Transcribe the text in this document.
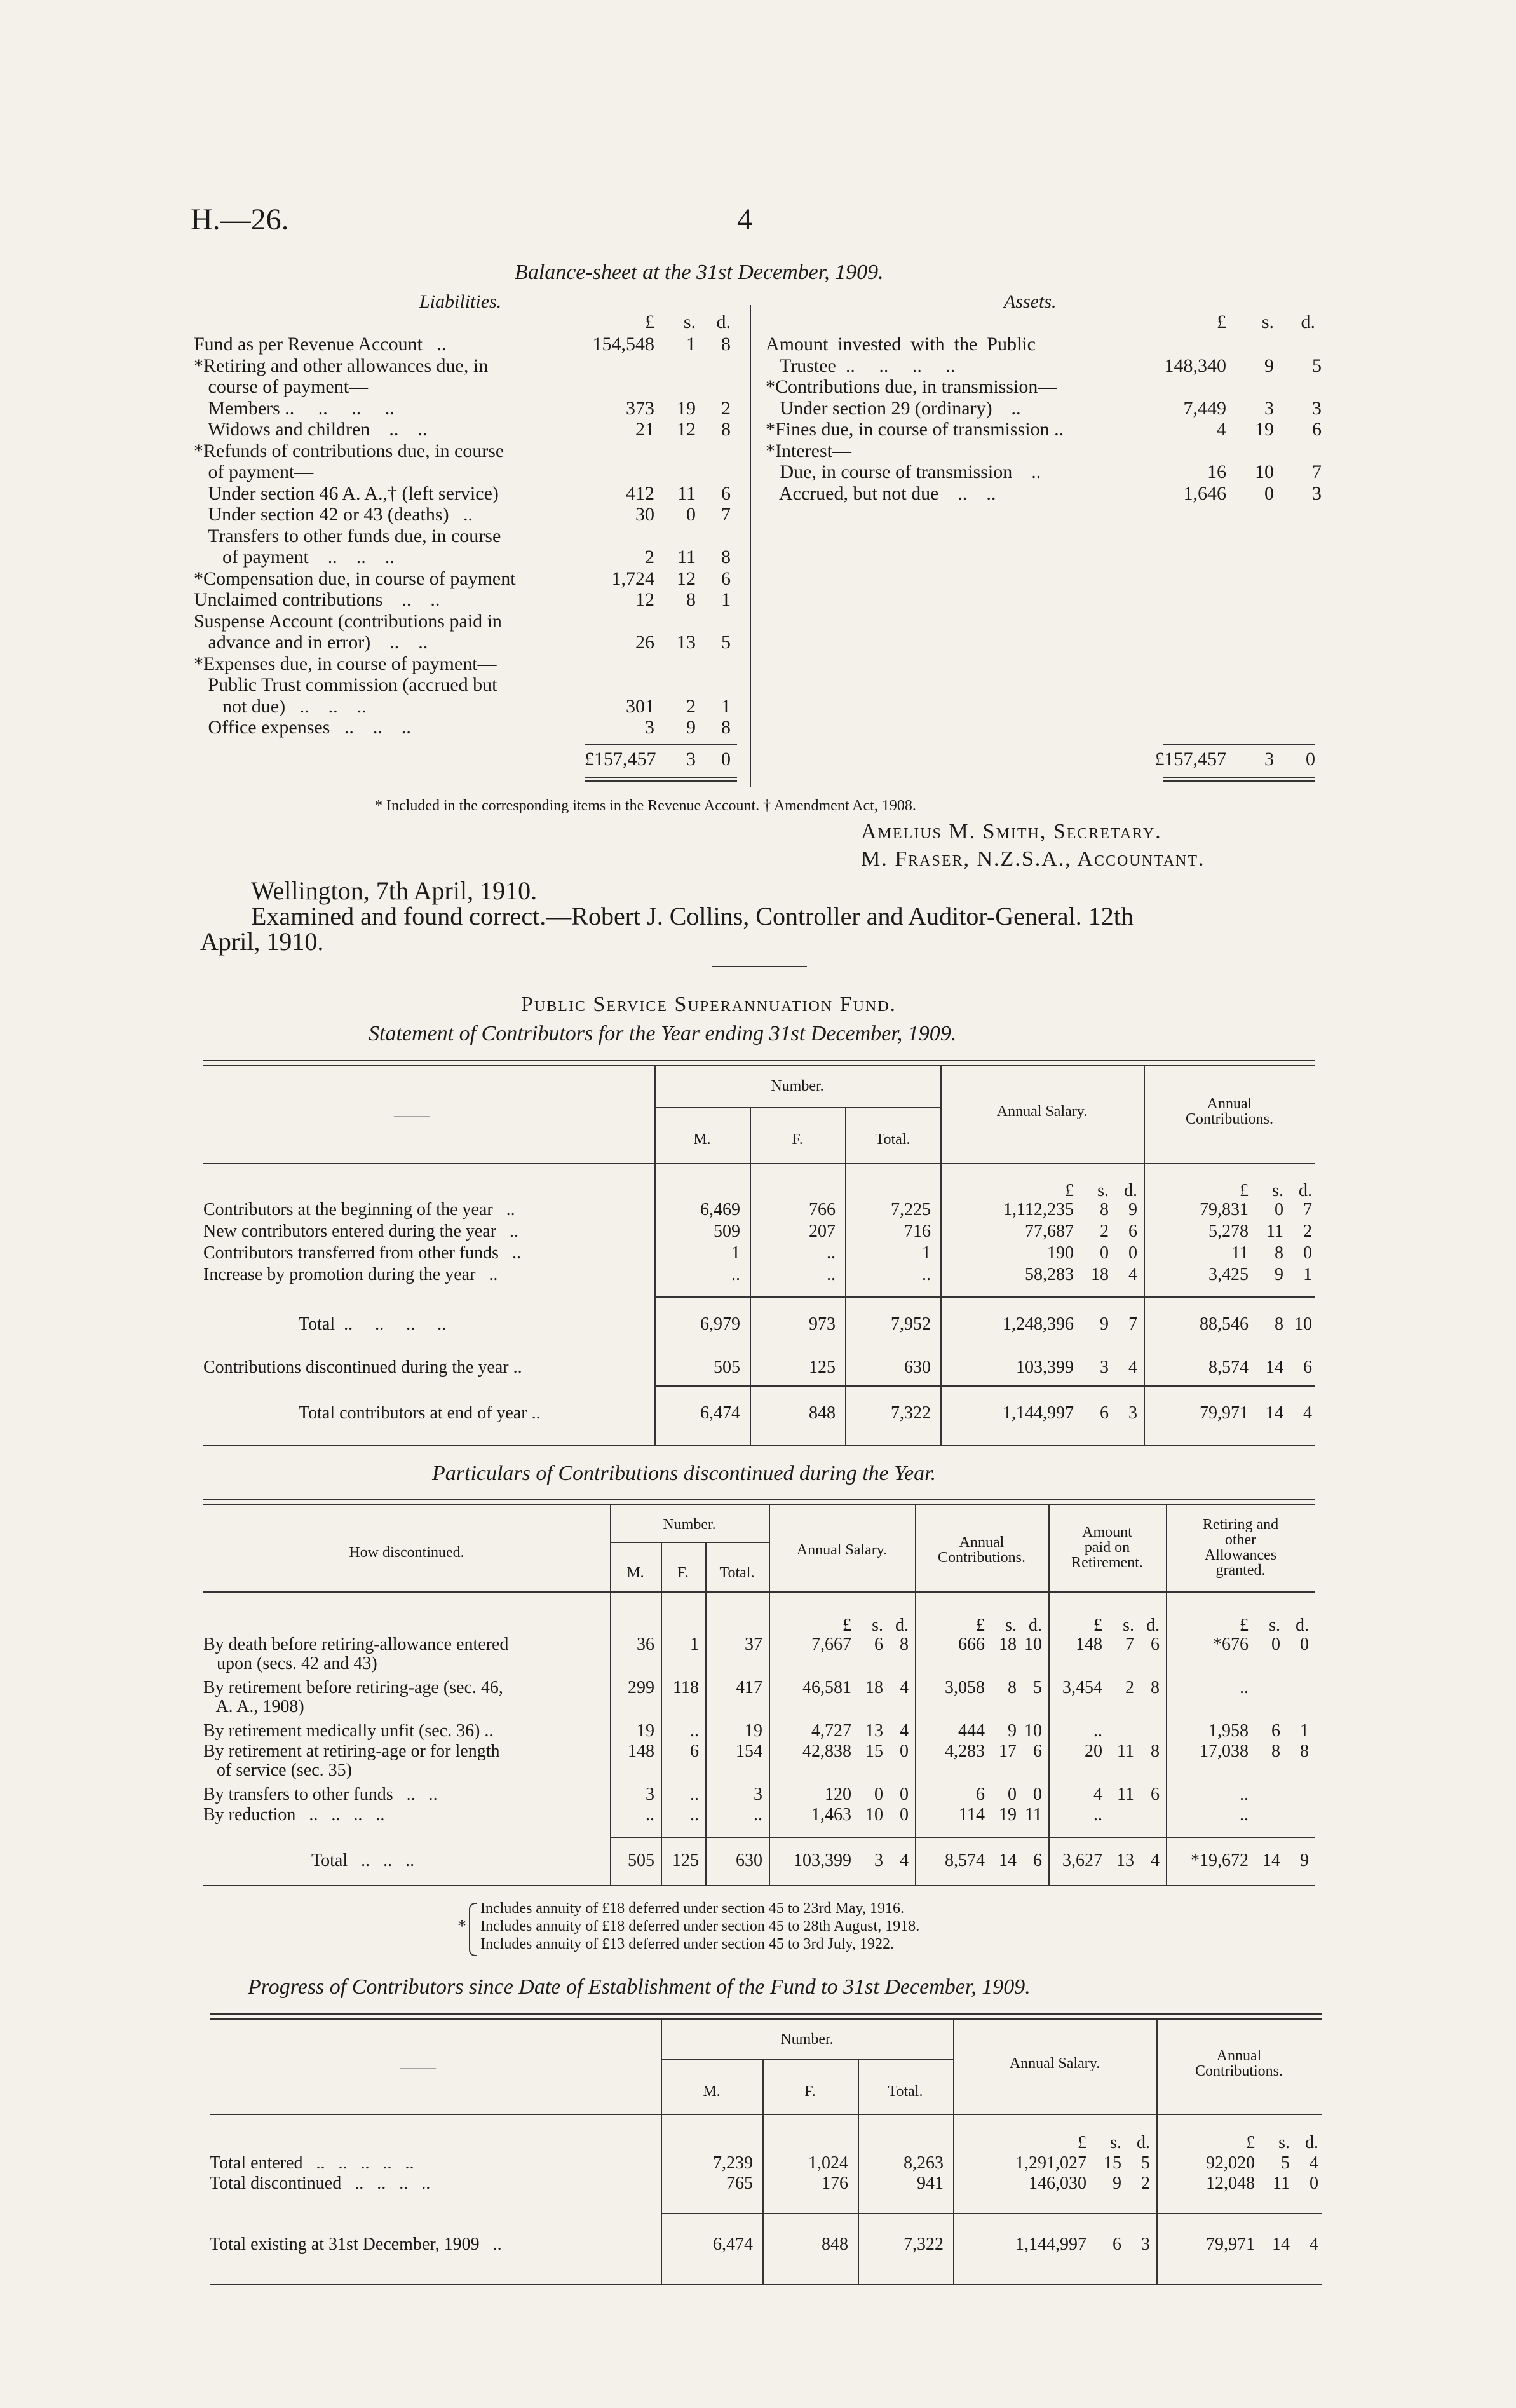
H.—26.	4
Balance-sheet at the 31st December, 1909.
Liabilities.	Assets.
£	s.	d.	£	s.	d.
Fund as per Revenue Account   ..	154,548	1	8
*Retiring and other allowances due, in
course of payment—
Members ..     ..     ..     ..	373	19	2
Widows and children    ..    ..	21	12	8
*Refunds of contributions due, in course
of payment—
Under section 46 A. A.,† (left service)	412	11	6
Under section 42 or 43 (deaths)   ..	30	0	7
Transfers to other funds due, in course
of payment    ..    ..    ..	2	11	8
*Compensation due, in course of payment	1,724	12	6
Unclaimed contributions    ..    ..	12	8	1
Suspense Account (contributions paid in
advance and in error)    ..    ..	26	13	5
*Expenses due, in course of payment—
Public Trust commission (accrued but
not due)   ..    ..    ..	301	2	1
Office expenses   ..    ..    ..	3	9	8
Amount  invested  with  the  Public
Trustee  ..     ..     ..     ..	148,340	9	5
*Contributions due, in transmission—
Under section 29 (ordinary)    ..	7,449	3	3
*Fines due, in course of transmission ..	4	19	6
*Interest—
Due, in course of transmission    ..	16	10	7
Accrued, but not due    ..    ..	1,646	0	3
£157,457	3	0	£157,457	3	0
* Included in the corresponding items in the Revenue Account. † Amendment Act, 1908.
Amelius M. Smith, Secretary.
M. Fraser, N.Z.S.A., Accountant.
Wellington, 7th April, 1910.
Examined and found correct.—Robert J. Collins, Controller and Auditor-General. 12th
April, 1910.
Public Service Superannuation Fund.
Statement of Contributors for the Year ending 31st December, 1909.
——
Number.
M.	F.	Total.
Annual Salary.	Annual
Contributions.
£	s. d.	£	s. d.
Contributors at the beginning of the year   ..	6,469	766	7,225	1,112,235	8	9	79,831	0	7
New contributors entered during the year   ..	509	207	716	77,687	2	6	5,278	11	2
Contributors transferred from other funds   ..	1	..	1	190	0	0	11	8	0
Increase by promotion during the year   ..	..	..	..	58,283 18	4	3,425	9	1
Total  ..     ..     ..     ..	6,979	973	7,952	1,248,396	9	7	88,546	8 10
Contributions discontinued during the year ..	505	125	630	103,399	3	4	8,574 14	6
Total contributors at end of year ..	6,474	848	7,322	1,144,997	6	3	79,971 14	4
Particulars of Contributions discontinued during the Year.
How discontinued.
Number.
M.	F.	Total.
Annual Salary.	Annual
Contributions.
Amount
paid on
Retirement.
Retiring and
other
Allowances
granted.
£	s. d.	£	s. d.	£	s. d.	£	s. d.
By death before retiring-allowance entered
upon (secs. 42 and 43)
36	1	37	7,667	6 8	666 18 10	148	7 6	*676	0	0
By retirement before retiring-age (sec. 46,
A. A., 1908)
299	118	417	46,581 18 4	3,058	8 5	3,454	2 8	..
By retirement medically unfit (sec. 36) ..	19	..	19	4,727 13 4	444	9 10	..	1,958	6	1
By retirement at retiring-age or for length
of service (sec. 35)
148	6	154	42,838 15 0	4,283 17 6	20 11 8	17,038	8	8
By transfers to other funds   ..   ..	3	..	3	120	0 0	6	0 0	4 11 6	..
By reduction   ..   ..   ..   ..	..	..	..	1,463 10 0	114 19 11	..	..
Total   ..   ..   ..	505	125	630	103,399	3 4	8,574 14 6	3,627 13 4	*19,672 14	9
*
Includes annuity of £18 deferred under section 45 to 23rd May, 1916.
Includes annuity of £18 deferred under section 45 to 28th August, 1918.
Includes annuity of £13 deferred under section 45 to 3rd July, 1922.
Progress of Contributors since Date of Establishment of the Fund to 31st December, 1909.
——
Number.
M.	F.	Total.
Annual Salary.	Annual
Contributions.
£	s. d.	£	s. d.
Total entered   ..   ..   ..   ..   ..	7,239	1,024	8,263	1,291,027 15	5	92,020	5	4
Total discontinued   ..   ..   ..   ..	765	176	941	146,030	9	2	12,048	11	0
Total existing at 31st December, 1909   ..	6,474	848	7,322	1,144,997	6	3	79,971 14	4
